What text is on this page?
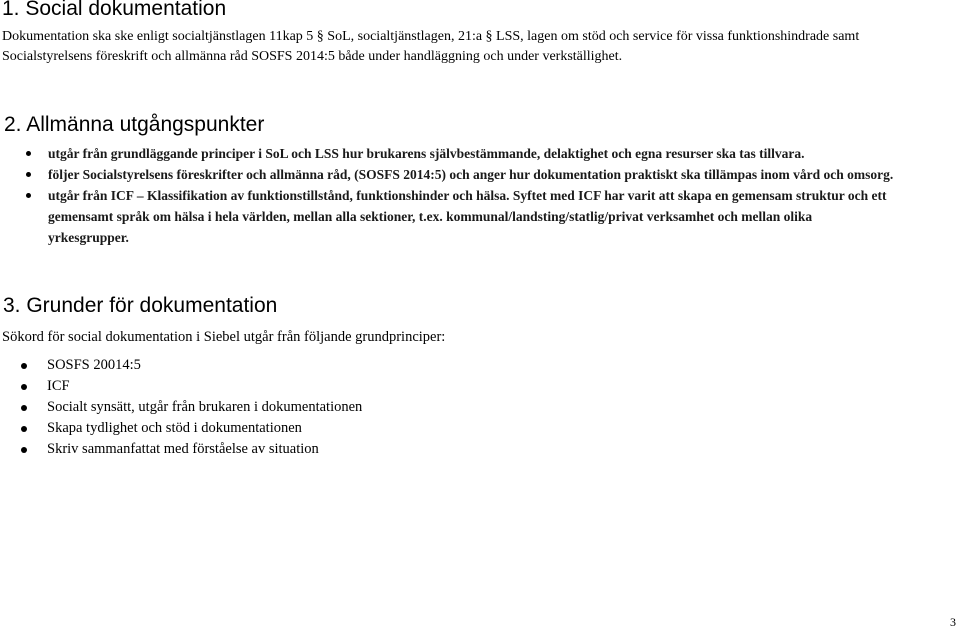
1. Social dokumentation

Dokumentation ska ske enligt socialtjänstlagen 11kap 5 § SoL, socialtjänstlagen, 21:a § LSS, lagen om stöd och service för vissa funktionshindrade samt

Socialstyrelsens föreskrift och allmänna råd SOSFS 2014:5 både under handläggning och under verkställighet.

2. Allmänna utgångspunkter
utgår från grundläggande principer i SoL och LSS hur brukarens självbestämmande, delaktighet och egna resurser ska tas tillvara.
följer Socialstyrelsens föreskrifter och allmänna råd, (SOSFS 2014:5) och anger hur dokumentation praktiskt ska tillämpas inom vård och omsorg.
utgår från ICF – Klassifikation av funktionstillstånd, funktionshinder och hälsa. Syftet med ICF har varit att skapa en gemensam struktur och ett
gemensamt språk om hälsa i hela världen, mellan alla sektioner, t.ex. kommunal/landsting/statlig/privat verksamhet och mellan olika
yrkesgrupper.
3. Grunder för dokumentation

Sökord för social dokumentation i Siebel utgår från följande grundprinciper:

SOSFS 20014:5
ICF
Socialt synsätt, utgår från brukaren i dokumentationen
Skapa tydlighet och stöd i dokumentationen
Skriv sammanfattat med förståelse av situation
3
